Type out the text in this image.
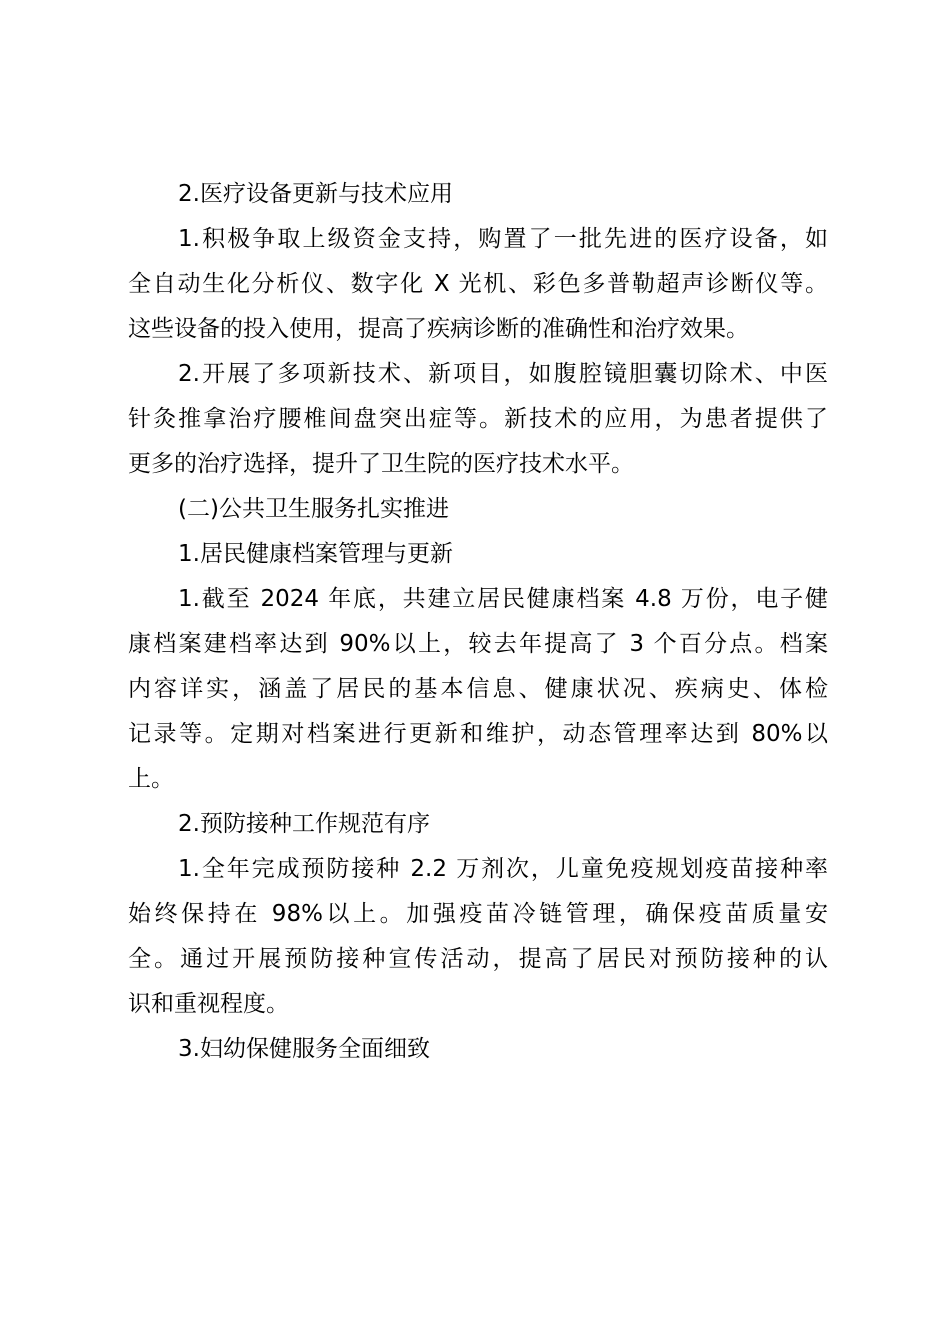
2.医疗设备更新与技术应用

1.积极争取上级资金支持，购置了一批先进的医疗设备，如
全自动生化分析仪、数字化 X 光机、彩色多普勒超声诊断仪等。
这些设备的投入使用，提高了疾病诊断的准确性和治疗效果。

2.开展了多项新技术、新项目，如腹腔镜胆囊切除术、中医
针灸推拿治疗腰椎间盘突出症等。新技术的应用，为患者提供了
更多的治疗选择，提升了卫生院的医疗技术水平。

(二)公共卫生服务扎实推进

1.居民健康档案管理与更新

1.截至 2024 年底，共建立居民健康档案 4.8 万份，电子健
康档案建档率达到 90%以上，较去年提高了 3 个百分点。档案
内容详实，涵盖了居民的基本信息、健康状况、疾病史、体检
记录等。定期对档案进行更新和维护，动态管理率达到 80%以
上。

2.预防接种工作规范有序

1.全年完成预防接种 2.2 万剂次，儿童免疫规划疫苗接种率
始终保持在 98%以上。加强疫苗冷链管理，确保疫苗质量安
全。通过开展预防接种宣传活动，提高了居民对预防接种的认
识和重视程度。

3.妇幼保健服务全面细致
